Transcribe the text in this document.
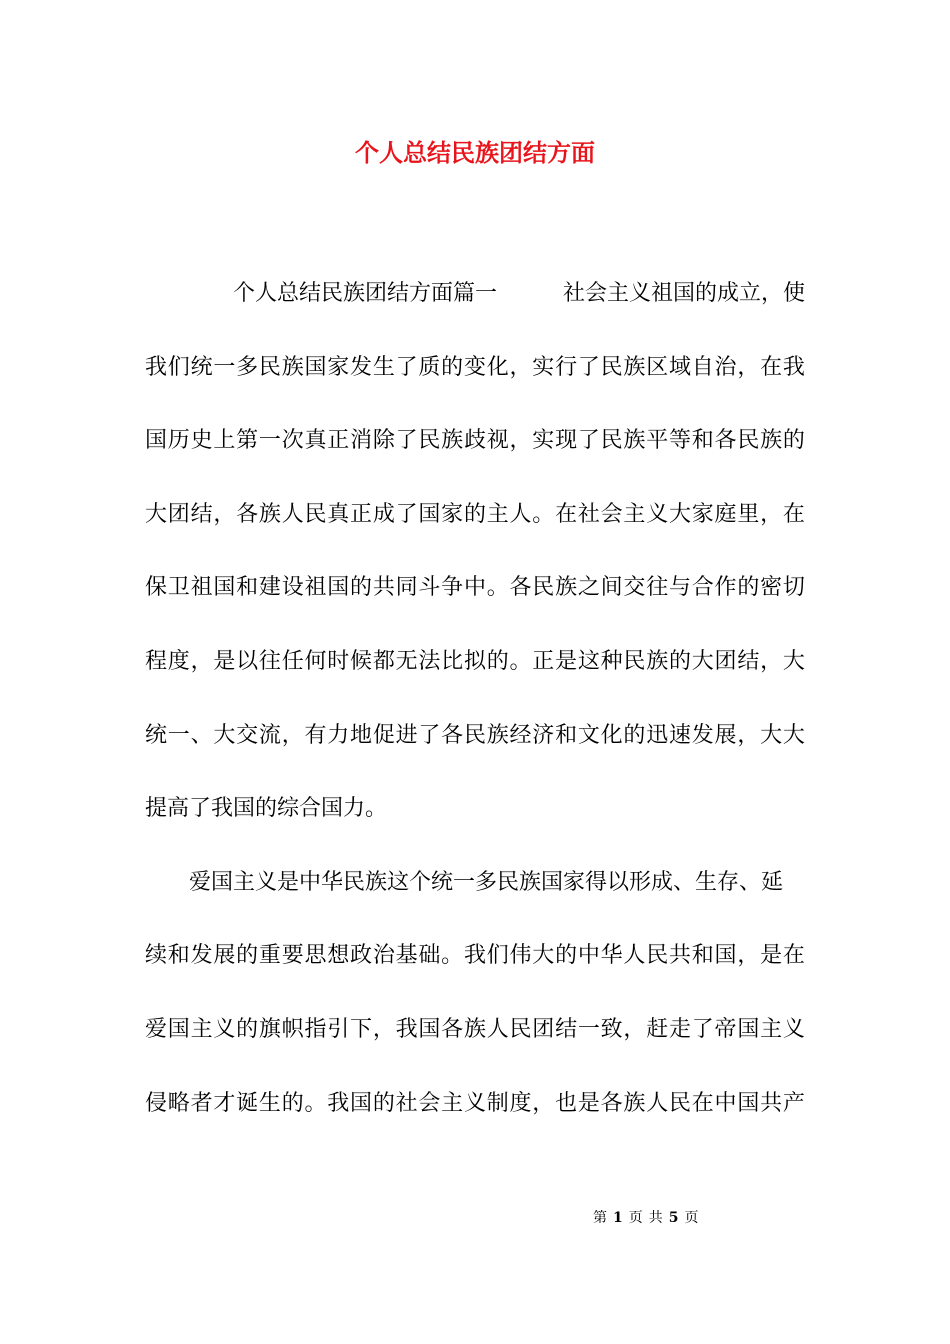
个人总结民族团结方面
个人总结民族团结方面篇一	社会主义祖国的成立，使
我 们 统 一 多 民 族 国 家 发 生 了 质 的 变 化 ， 实 行 了 民 族 区 域 自 治 ， 在 我
国 历 史 上 第 一 次 真 正 消 除 了 民 族 歧 视 ， 实 现 了 民 族 平 等 和 各 民 族 的
大 团 结 ， 各 族 人 民 真 正 成 了 国 家 的 主 人 。 在 社 会 主 义 大 家 庭 里 ， 在
保 卫 祖 国 和 建 设 祖 国 的 共 同 斗 争 中 。 各 民 族 之 间 交 往 与 合 作 的 密 切
程 度 ， 是 以 往 任 何 时 候 都 无 法 比 拟 的 。 正 是 这 种 民 族 的 大 团 结 ， 大
统 一 、 大 交 流 ， 有 力 地 促 进 了 各 民 族 经 济 和 文 化 的 迅 速 发 展 ， 大 大
提高了我国的综合国力。
爱国主义是中华民族这个统一多民族国家得以形成、生存、延
续 和 发 展 的 重 要 思 想 政 治 基 础 。 我 们 伟 大 的 中 华 人 民 共 和 国 ， 是 在
爱 国 主 义 的 旗 帜 指 引 下 ， 我 国 各 族 人 民 团 结 一 致 ， 赶 走 了 帝 国 主 义
侵 略 者 才 诞 生 的 。 我 国 的 社 会 主 义 制 度 ， 也 是 各 族 人 民 在 中 国 共 产
第 1 页 共 5 页
